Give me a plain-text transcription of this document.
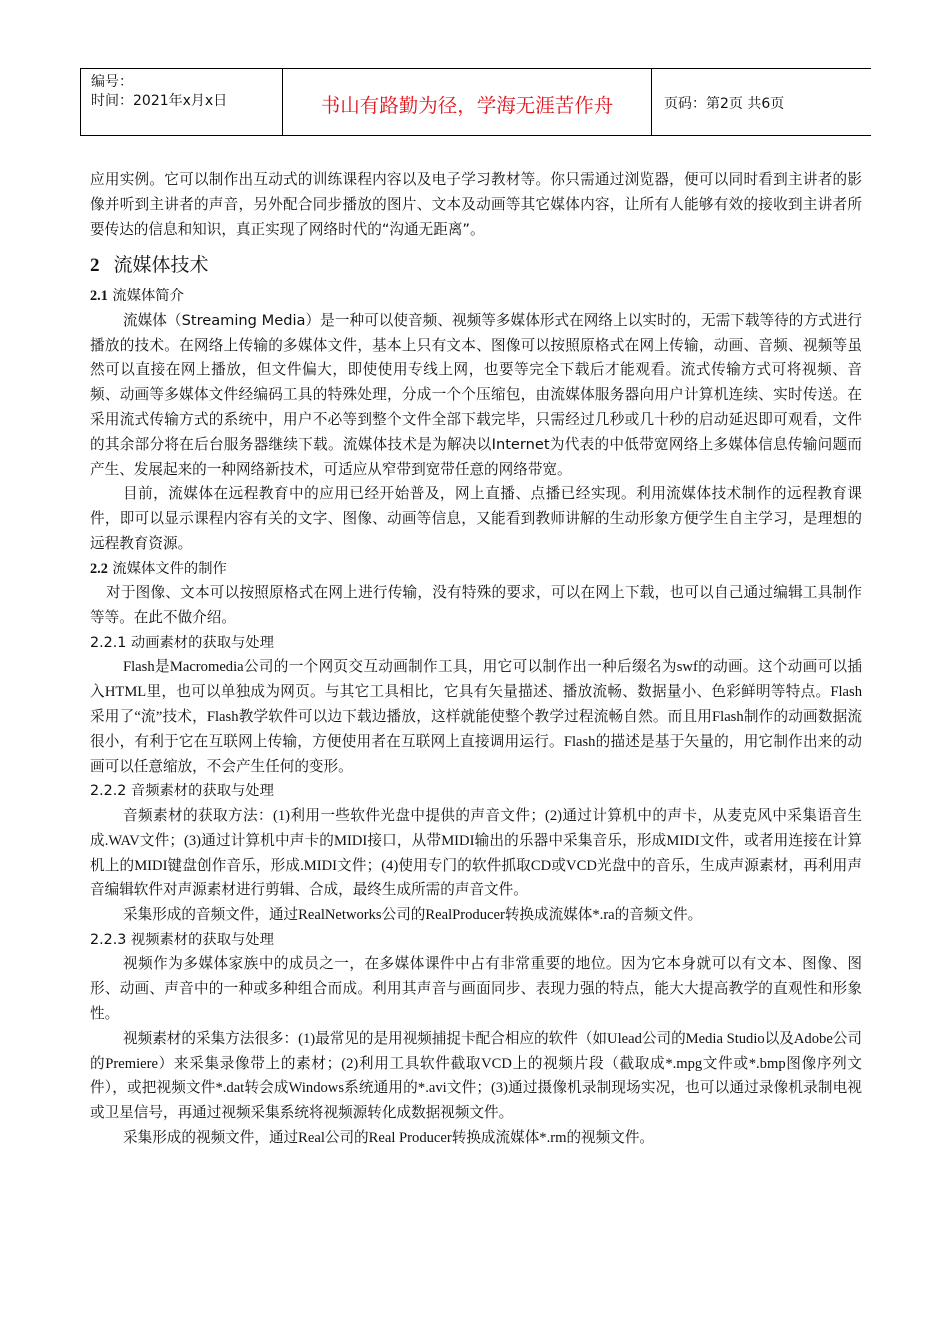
编号：
时间：2021年x月x日	书山有路勤为径，学海无涯苦作舟	页码：第2页 共6页

应用实例。它可以制作出互动式的训练课程内容以及电子学习教材等。你只需通过浏览器，便可以同时看到主讲者的影像并听到主讲者的声音，另外配合同步播放的图片、文本及动画等其它媒体内容，让所有人能够有效的接收到主讲者所要传达的信息和知识，真正实现了网络时代的“沟通无距离”。

2 流媒体技术
2.1 流媒体简介

流媒体（Streaming Media）是一种可以使音频、视频等多媒体形式在网络上以实时的，无需下载等待的方式进行播放的技术。在网络上传输的多媒体文件，基本上只有文本、图像可以按照原格式在网上传输，动画、音频、视频等虽然可以直接在网上播放，但文件偏大，即使使用专线上网，也要等完全下载后才能观看。流式传输方式可将视频、音频、动画等多媒体文件经编码工具的特殊处理，分成一个个压缩包，由流媒体服务器向用户计算机连续、实时传送。在采用流式传输方式的系统中，用户不必等到整个文件全部下载完毕，只需经过几秒或几十秒的启动延迟即可观看，文件的其余部分将在后台服务器继续下载。流媒体技术是为解决以Internet为代表的中低带宽网络上多媒体信息传输问题而产生、发展起来的一种网络新技术，可适应从窄带到宽带任意的网络带宽。

目前，流媒体在远程教育中的应用已经开始普及，网上直播、点播已经实现。利用流媒体技术制作的远程教育课件，即可以显示课程内容有关的文字、图像、动画等信息，又能看到教师讲解的生动形象方便学生自主学习，是理想的远程教育资源。

2.2 流媒体文件的制作

对于图像、文本可以按照原格式在网上进行传输，没有特殊的要求，可以在网上下载，也可以自己通过编辑工具制作等等。在此不做介绍。

2.2.1 动画素材的获取与处理

Flash是Macromedia公司的一个网页交互动画制作工具，用它可以制作出一种后缀名为swf的动画。这个动画可以插入HTML里，也可以单独成为网页。与其它工具相比，它具有矢量描述、播放流畅、数据量小、色彩鲜明等特点。Flash采用了“流”技术，Flash教学软件可以边下载边播放，这样就能使整个教学过程流畅自然。而且用Flash制作的动画数据流很小，有利于它在互联网上传输，方便使用者在互联网上直接调用运行。Flash的描述是基于矢量的，用它制作出来的动画可以任意缩放，不会产生任何的变形。

2.2.2 音频素材的获取与处理

音频素材的获取方法：(1)利用一些软件光盘中提供的声音文件；(2)通过计算机中的声卡，从麦克风中采集语音生成.WAV文件；(3)通过计算机中声卡的MIDI接口，从带MIDI输出的乐器中采集音乐，形成MIDI文件，或者用连接在计算机上的MIDI键盘创作音乐，形成.MIDI文件；(4)使用专门的软件抓取CD或VCD光盘中的音乐，生成声源素材，再利用声音编辑软件对声源素材进行剪辑、合成，最终生成所需的声音文件。

采集形成的音频文件，通过RealNetworks公司的RealProducer转换成流媒体*.ra的音频文件。

2.2.3 视频素材的获取与处理

视频作为多媒体家族中的成员之一，在多媒体课件中占有非常重要的地位。因为它本身就可以有文本、图像、图形、动画、声音中的一种或多种组合而成。利用其声音与画面同步、表现力强的特点，能大大提高教学的直观性和形象性。

视频素材的采集方法很多：(1)最常见的是用视频捕捉卡配合相应的软件（如Ulead公司的Media Studio以及Adobe公司的Premiere）来采集录像带上的素材；(2)利用工具软件截取VCD上的视频片段（截取成*.mpg文件或*.bmp图像序列文件），或把视频文件*.dat转会成Windows系统通用的*.avi文件；(3)通过摄像机录制现场实况，也可以通过录像机录制电视或卫星信号，再通过视频采集系统将视频源转化成数据视频文件。

采集形成的视频文件，通过Real公司的Real Producer转换成流媒体*.rm的视频文件。
